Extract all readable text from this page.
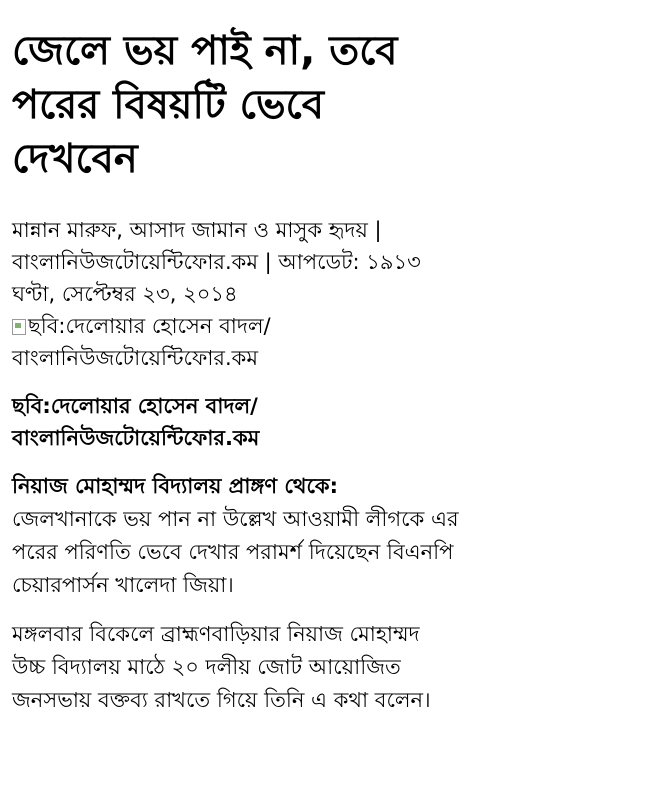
জেলে ভয় পাই না, তবে
পরের বিষয়টি ভেবে
দেখবেন

মান্নান মারুফ, আসাদ জামান ও মাসুক হৃদয় |
বাংলানিউজটোয়েন্টিফোর.কম | আপডেট: ১৯১৩
ঘণ্টা, সেপ্টেম্বর ২৩, ২০১৪

ছবি:দেলোয়ার হোসেন বাদল/
বাংলানিউজটোয়েন্টিফোর.কম

ছবি:দেলোয়ার হোসেন বাদল/
বাংলানিউজটোয়েন্টিফোর.কম

নিয়াজ মোহাম্মদ বিদ্যালয় প্রাঙ্গণ থেকে:
জেলখানাকে ভয় পান না উল্লেখ আওয়ামী লীগকে এর
পরের পরিণতি ভেবে দেখার পরামর্শ দিয়েছেন বিএনপি
চেয়ারপার্সন খালেদা জিয়া।

মঙ্গলবার বিকেলে ব্রাহ্মণবাড়িয়ার নিয়াজ মোহাম্মদ
উচ্চ বিদ্যালয় মাঠে ২০ দলীয় জোট আয়োজিত
জনসভায় বক্তব্য রাখতে গিয়ে তিনি এ কথা বলেন।
